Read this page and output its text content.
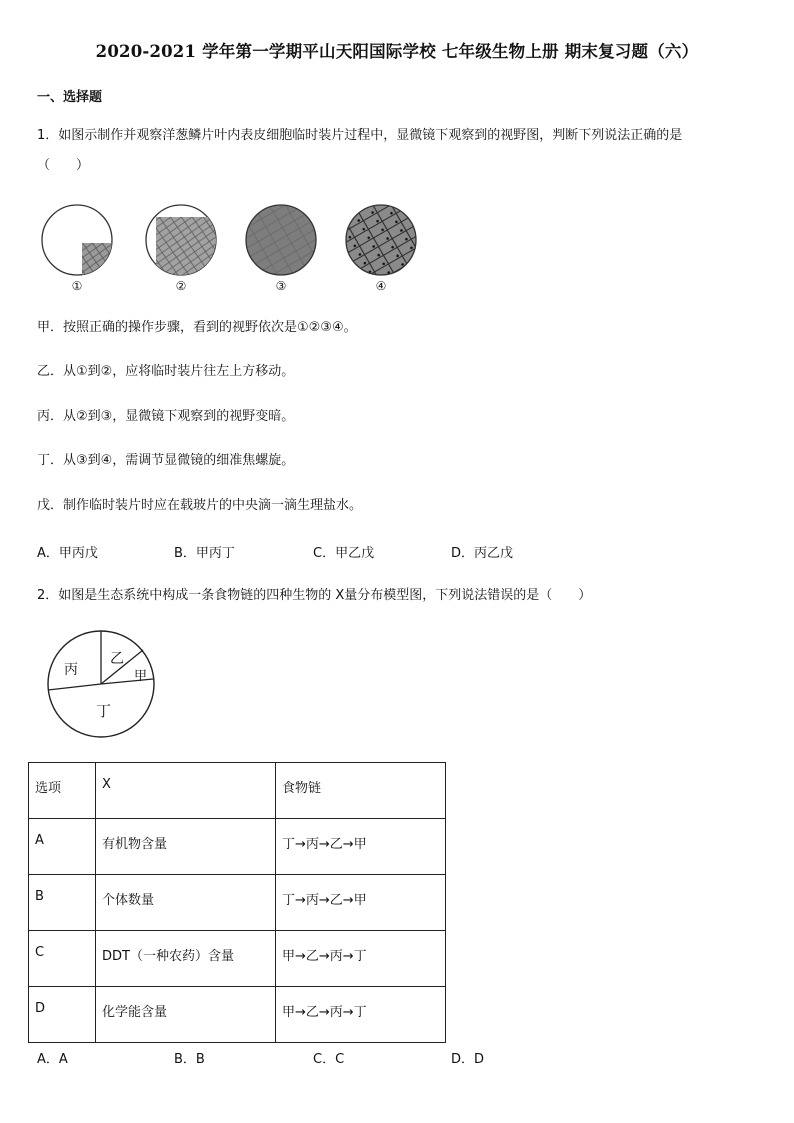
2020-2021 学年第一学期平山天阳国际学校 七年级生物上册 期末复习题（六）
一、选择题
1．如图示制作并观察洋葱鳞片叶内表皮细胞临时装片过程中，显微镜下观察到的视野图，判断下列说法正确的是
（　　）
①	②	③	④
甲．按照正确的操作步骤，看到的视野依次是①②③④。
乙．从①到②，应将临时装片往左上方移动。
丙．从②到③，显微镜下观察到的视野变暗。
丁．从③到④，需调节显微镜的细准焦螺旋。
戊．制作临时装片时应在载玻片的中央滴一滴生理盐水。
A．甲丙戊	B．甲丙丁	C．甲乙戊	D．丙乙戊
2．如图是生态系统中构成一条食物链的四种生物的 X量分布模型图，下列说法错误的是（　　）
丙
乙
甲
丁
选项	X	食物链
A	有机物含量	丁→丙→乙→甲
B	个体数量	丁→丙→乙→甲
C	DDT（一种农药）含量	甲→乙→丙→丁
D	化学能含量	甲→乙→丙→丁
A．A	B．B	C．C	D．D
